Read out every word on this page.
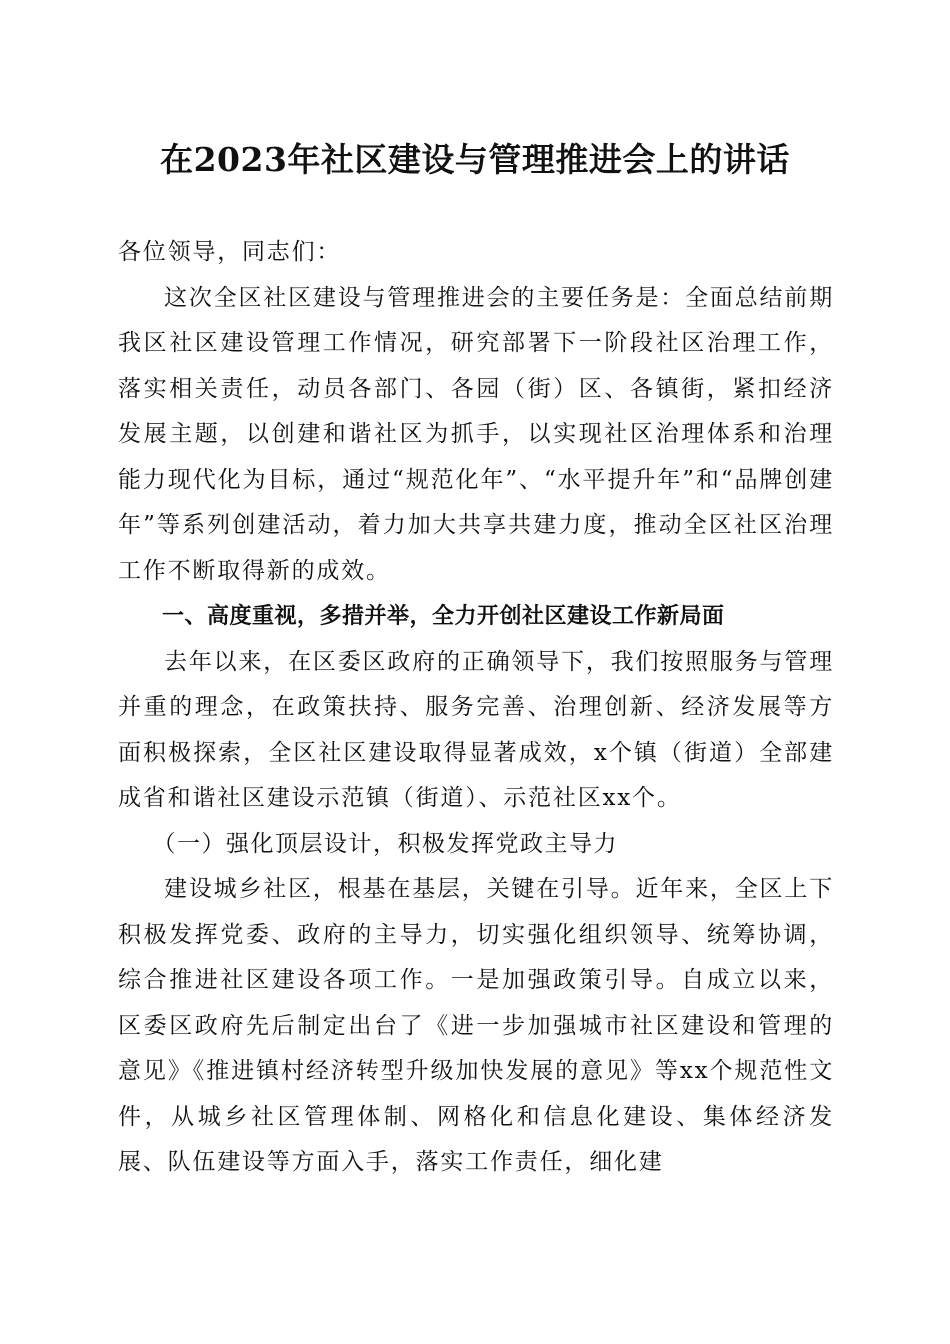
在2023年社区建设与管理推进会上的讲话

各位领导，同志们：

这次全区社区建设与管理推进会的主要任务是：全面总结前期我区社区建设管理工作情况，研究部署下一阶段社区治理工作，落实相关责任，动员各部门、各园（街）区、各镇街，紧扣经济发展主题，以创建和谐社区为抓手，以实现社区治理体系和治理能力现代化为目标，通过“规范化年”、“水平提升年”和“品牌创建年”等系列创建活动，着力加大共享共建力度，推动全区社区治理工作不断取得新的成效。

一、高度重视，多措并举，全力开创社区建设工作新局面

去年以来，在区委区政府的正确领导下，我们按照服务与管理并重的理念，在政策扶持、服务完善、治理创新、经济发展等方面积极探索，全区社区建设取得显著成效，x个镇（街道）全部建成省和谐社区建设示范镇（街道）、示范社区xx个。

（一）强化顶层设计，积极发挥党政主导力

建设城乡社区，根基在基层，关键在引导。近年来，全区上下积极发挥党委、政府的主导力，切实强化组织领导、统筹协调，综合推进社区建设各项工作。一是加强政策引导。自成立以来，区委区政府先后制定出台了《进一步加强城市社区建设和管理的意见》《推进镇村经济转型升级加快发展的意见》等xx个规范性文件，从城乡社区管理体制、网格化和信息化建设、集体经济发展、队伍建设等方面入手，落实工作责任，细化建
